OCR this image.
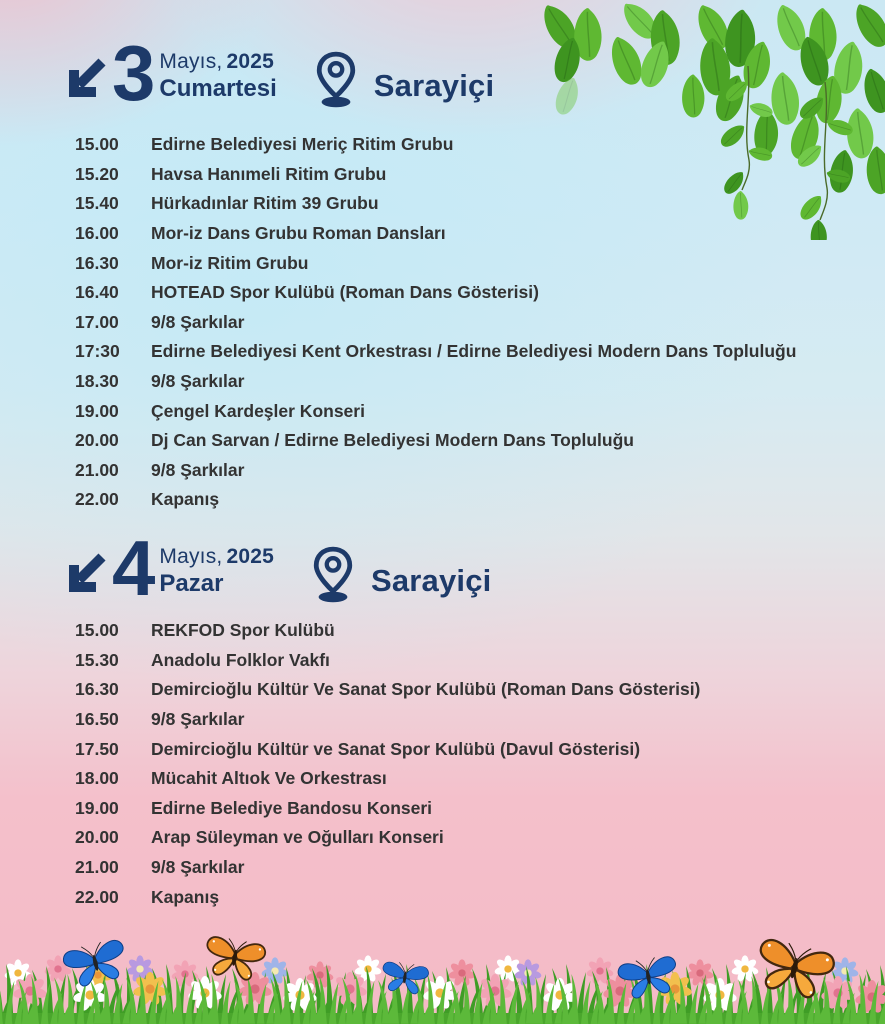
3 Mayıs, 2025
Cumartesi	Sarayiçi
15.00	Edirne Belediyesi Meriç Ritim Grubu
15.20	Havsa Hanımeli Ritim Grubu
15.40	Hürkadınlar Ritim 39 Grubu
16.00	Mor-iz Dans Grubu Roman Dansları
16.30	Mor-iz Ritim Grubu
16.40	HOTEAD Spor Kulübü (Roman Dans Gösterisi)
17.00	9/8 Şarkılar
17:30	Edirne Belediyesi Kent Orkestrası / Edirne Belediyesi Modern Dans Topluluğu
18.30	9/8 Şarkılar
19.00	Çengel Kardeşler Konseri
20.00	Dj Can Sarvan / Edirne Belediyesi Modern Dans Topluluğu
21.00	9/8 Şarkılar
22.00	Kapanış
4 Mayıs, 2025
Pazar	Sarayiçi
15.00	REKFOD Spor Kulübü
15.30	Anadolu Folklor Vakfı
16.30	Demircioğlu Kültür Ve Sanat Spor Kulübü (Roman Dans Gösterisi)
16.50	9/8 Şarkılar
17.50	Demircioğlu Kültür ve Sanat Spor Kulübü (Davul Gösterisi)
18.00	Mücahit Altıok Ve Orkestrası
19.00	Edirne Belediye Bandosu Konseri
20.00	Arap Süleyman ve Oğulları Konseri
21.00	9/8 Şarkılar
22.00	Kapanış
